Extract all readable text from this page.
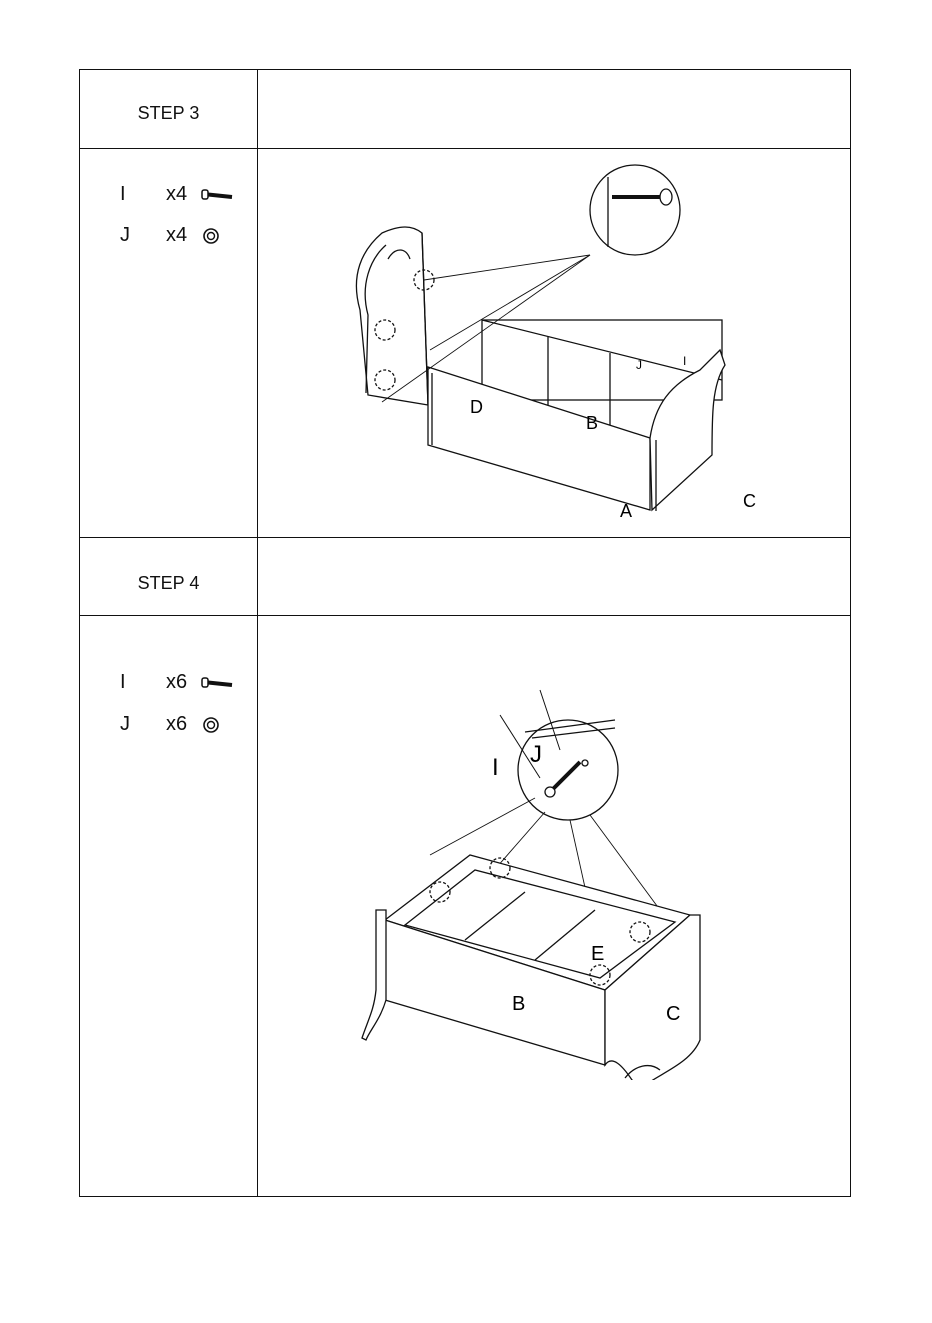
STEP 3
I x4
J x4
D
B
A	C
J	I
STEP 4
I x6
J x6
I J
E
B	C
